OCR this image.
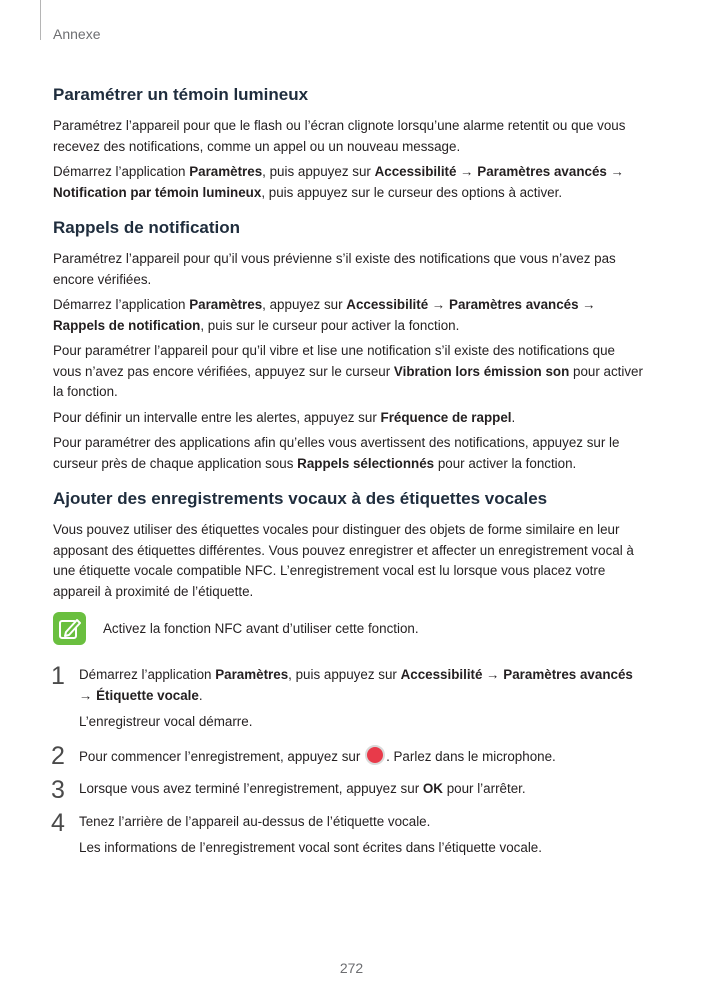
Annexe
Paramétrer un témoin lumineux

Paramétrez l’appareil pour que le flash ou l’écran clignote lorsqu’une alarme retentit ou que vous recevez des notifications, comme un appel ou un nouveau message.

Démarrez l’application Paramètres, puis appuyez sur Accessibilité → Paramètres avancés → Notification par témoin lumineux, puis appuyez sur le curseur des options à activer.

Rappels de notification

Paramétrez l’appareil pour qu’il vous prévienne s’il existe des notifications que vous n’avez pas encore vérifiées.

Démarrez l’application Paramètres, appuyez sur Accessibilité → Paramètres avancés → Rappels de notification, puis sur le curseur pour activer la fonction.

Pour paramétrer l’appareil pour qu’il vibre et lise une notification s’il existe des notifications que vous n’avez pas encore vérifiées, appuyez sur le curseur Vibration lors émission son pour activer la fonction.

Pour définir un intervalle entre les alertes, appuyez sur Fréquence de rappel.

Pour paramétrer des applications afin qu’elles vous avertissent des notifications, appuyez sur le curseur près de chaque application sous Rappels sélectionnés pour activer la fonction.

Ajouter des enregistrements vocaux à des étiquettes vocales

Vous pouvez utiliser des étiquettes vocales pour distinguer des objets de forme similaire en leur apposant des étiquettes différentes. Vous pouvez enregistrer et affecter un enregistrement vocal à une étiquette vocale compatible NFC. L’enregistrement vocal est lu lorsque vous placez votre appareil à proximité de l’étiquette.

Activez la fonction NFC avant d’utiliser cette fonction.
1 Démarrez l’application Paramètres, puis appuyez sur Accessibilité → Paramètres avancés → Étiquette vocale.

L’enregistreur vocal démarre.

2 Pour commencer l’enregistrement, appuyez sur . Parlez dans le microphone.

3 Lorsque vous avez terminé l’enregistrement, appuyez sur OK pour l’arrêter.

4 Tenez l’arrière de l’appareil au-dessus de l’étiquette vocale.

Les informations de l’enregistrement vocal sont écrites dans l’étiquette vocale.

272
